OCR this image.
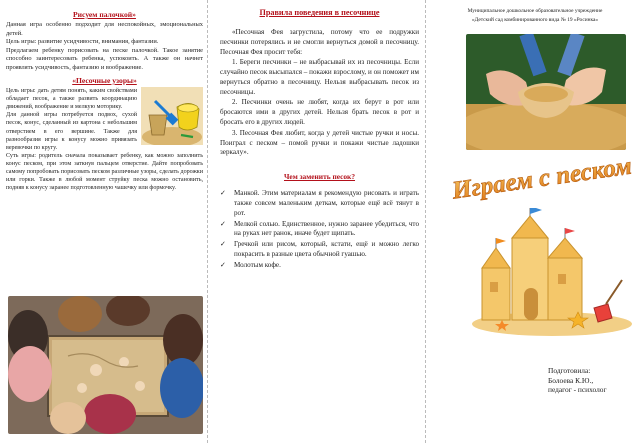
Рисуем палочкой»
Данная игра особенно подходит для неспокойных, эмоциональных детей.
Цель игры: развитие усидчивости, внимания, фантазии.
Предлагаем ребенку порисовать на песке палочкой. Такое занятие способно заинтересовать ребенка, успокоить. А также он начнет проявлять усидчивость, фантазию и воображение.
«Песочные узоры»
Цель игры: дать детям понять, каким свойствами обладает песок, а также развить координацию движений, воображение и мелкую моторику.
Для данной игры потребуется подвох, сухой песок, конус, сделанный из картона с небольшим отверстием в его вершине. Также для разнообразия игры к конусу можно привязать веревочки по кругу.
Суть игры: родитель сначала показывает ребенку, как можно заполнить конус песком, при этом заткнув пальцем отверстие. Дайте попробовать самому попробовать порисовать песком различные узоры, сделать дорожки или горки. Также в любой момент струйку песка можно остановить, подняв к конусу заранее подготовленную чашечку или формочку.
Правила поведения в песочнице
«Песочная Фея загрустила, потому что ее подружки песчинки потерялись и не смогли вернуться домой в песочницу. Песочная Фея просит тебя:
1. Береги песчинки – не выбрасывай их из песочницы. Если случайно песок высыпался – покажи взрослому, и он поможет им вернуться обратно в песочницу. Нельзя выбрасывать песок из песочницы.
2. Песчинки очень не любят, когда их берут в рот или бросаются ими в других детей. Нельзя брать песок в рот и бросать его в других людей.
3. Песочная Фея любит, когда у детей чистые ручки и носы. Поиграл с песком – помой ручки и покажи чистые ладошки зеркалу».
Чем заменить песок?
✓ Манкой. Этим материалам я рекомендую рисовать и играть также совсем маленьким деткам, которые ещё всё тянут в рот.
✓ Мелкой солью. Единственное, нужно заранее убедиться, что на руках нет ранок, иначе будет щипать.
✓ Гречкой или рисом, который, кстати, ещё и можно легко покрасить в разные цвета обычной гуашью.
✓ Молотым кофе.
Муниципальное дошкольное образовательное учреждение
«Детский сад комбинированного вида № 19 «Росинка»
Играем с песком
Подготовила:
Болоева К.Ю.,
педагог - психолог
